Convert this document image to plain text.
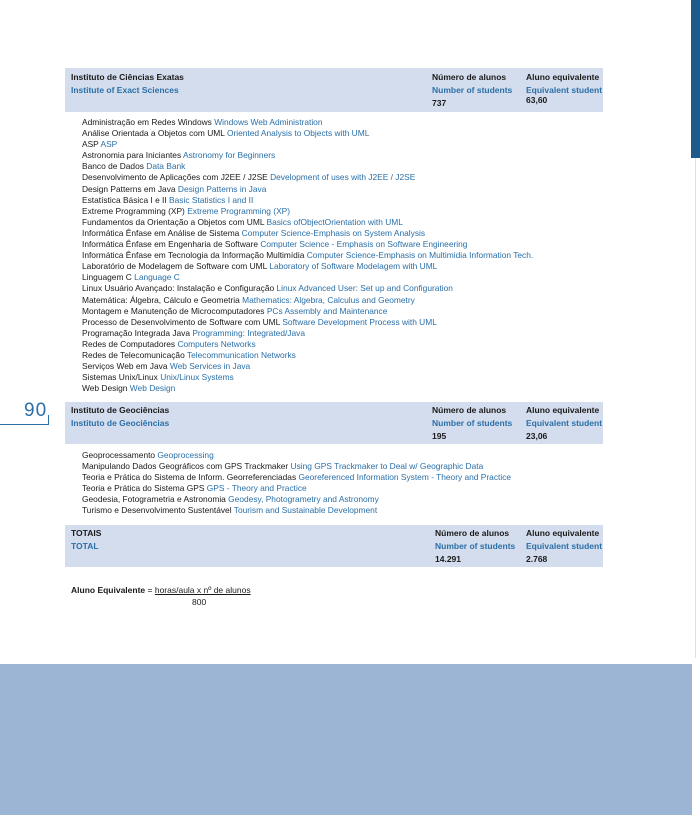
90
Instituto de Ciências Exatas
Institute of Exact Sciences
Número de alunos
Number of students
737
Aluno equivalente
Equivalent student
63,60
Administração em Redes Windows Windows Web Administration
Análise Orientada a Objetos com UML Oriented Analysis to Objects with UML
ASP ASP
Astronomia para Iniciantes Astronomy for Beginners
Banco de Dados Data Bank
Desenvolvimento de Aplicações com J2EE / J2SE Development of uses with J2EE / J2SE
Design Patterns em Java Design Patterns in Java
Estatística Básica I e II Basic Statistics I and II
Extreme Programming (XP) Extreme Programming (XP)
Fundamentos da Orientação a Objetos com UML Basics ofObjectOrientation with UML
Informática Ênfase em Análise de Sistema Computer Science-Emphasis on System Analysis
Informática Ênfase em Engenharia de Software Computer Science - Emphasis on Software Engineering
Informática Ênfase em Tecnologia da Informação Multimídia Computer Science-Emphasis on Multimidia Information Tech.
Laboratório de Modelagem de Software com UML Laboratory of Software Modelagem with UML
Linguagem C Language C
Linux Usuário Avançado: Instalação e Configuração Linux Advanced User: Set up and Configuration
Matemática: Álgebra, Cálculo e Geometria Mathematics: Algebra, Calculus and Geometry
Montagem e Manutenção de Microcomputadores PCs Assembly and Maintenance
Processo de Desenvolvimento de Software com UML Software Development Process with UML
Programação Integrada Java Programming: Integrated/Java
Redes de Computadores Computers Networks
Redes de Telecomunicação Telecommunication Networks
Serviços Web em Java Web Services in Java
Sistemas Unix/Linux Unix/Linux Systems
Web Design Web Design
Instituto de Geociências
Instituto de Geociências
Número de alunos
Number of students
195
Aluno equivalente
Equivalent student
23,06
Geoprocessamento Geoprocessing
Manipulando Dados Geográficos com GPS Trackmaker Using GPS Trackmaker to Deal w/ Geographic Data
Teoria e Prática do Sistema de Inform. Georreferenciadas Georeferenced Information System - Theory and Practice
Teoria e Prática do Sistema GPS GPS - Theory and Practice
Geodesia, Fotogrametria e Astronomia Geodesy, Photogrametry and Astronomy
Turismo e Desenvolvimento Sustentável Tourism and Sustainable Development
TOTAIS
TOTAL
Número de alunos
Number of students
14.291
Aluno equivalente
Equivalent student
2.768
Aluno Equivalente = horas/aula x nº de alunos
800
